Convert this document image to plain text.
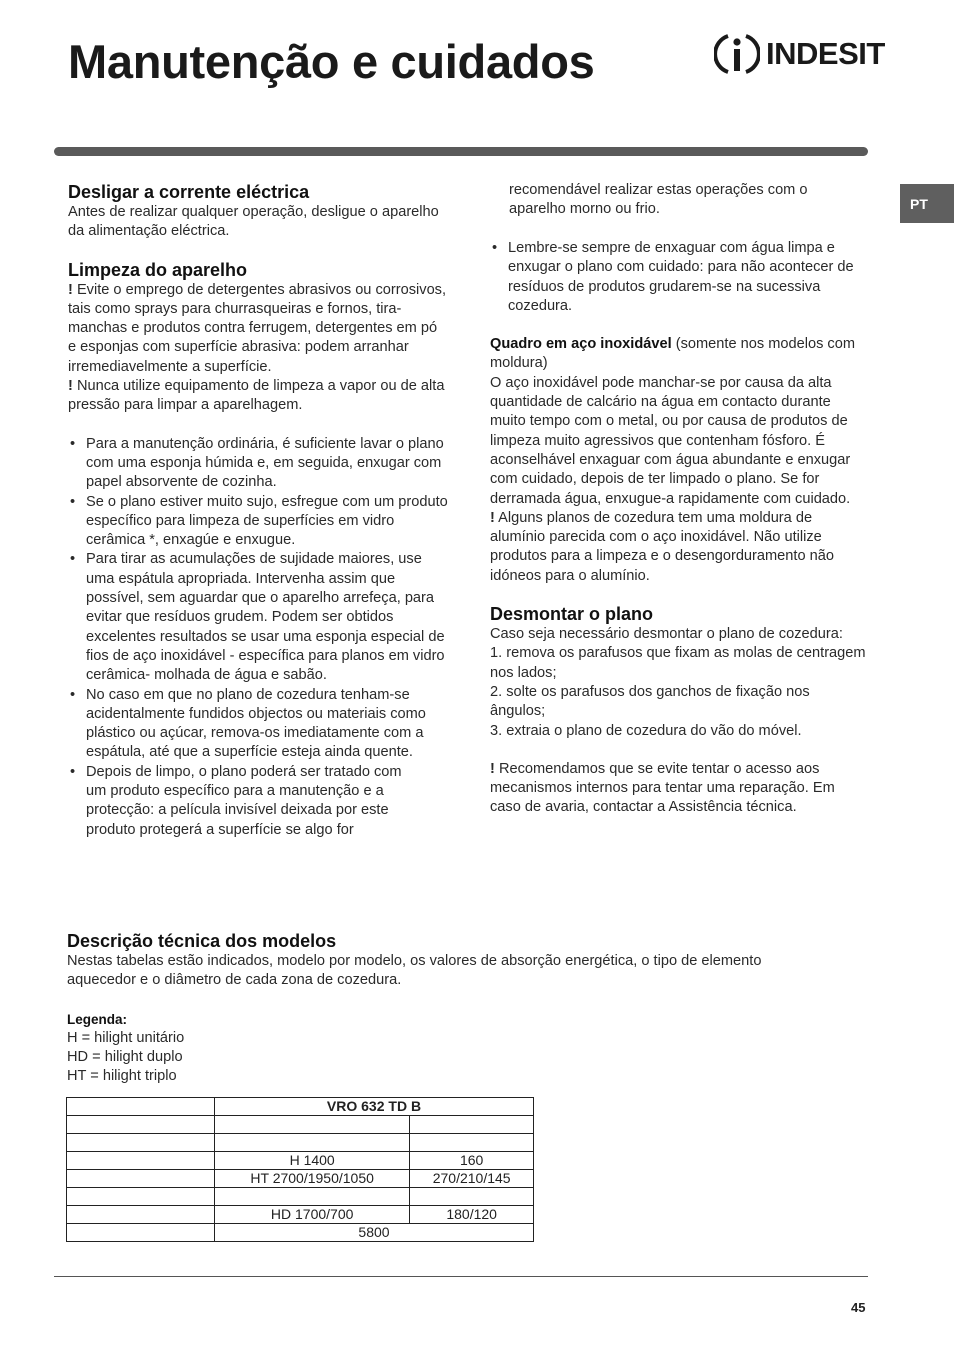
Manutenção e cuidados	INDESIT
PT

Desligar a corrente eléctrica

Antes de realizar qualquer operação, desligue o aparelho da alimentação eléctrica.

Limpeza do aparelho

! Evite o emprego de detergentes abrasivos ou corrosivos, tais como sprays para churrasqueiras e fornos, tira-manchas e produtos contra ferrugem, detergentes em pó e esponjas com superfície abrasiva: podem arranhar irremediavelmente a superfície.

! Nunca utilize equipamento de limpeza a vapor ou de alta pressão para limpar a aparelhagem.

• Para a manutenção ordinária, é suficiente lavar o plano com uma esponja húmida e, em seguida, enxugar com papel absorvente de cozinha.

• Se o plano estiver muito sujo, esfregue com um produto específico para limpeza de superfícies em vidro cerâmica *, enxagúe e enxugue.

• Para tirar as acumulações de sujidade maiores, use uma espátula apropriada. Intervenha assim que possível, sem aguardar que o aparelho arrefeça, para evitar que resíduos grudem. Podem ser obtidos excelentes resultados se usar uma esponja especial de fios de aço inoxidável - específica para planos em vidro cerâmica- molhada de água e sabão.

• No caso em que no plano de cozedura tenham-se acidentalmente fundidos objectos ou materiais como plástico ou açúcar, remova-os imediatamente com a espátula, até que a superfície esteja ainda quente.

• Depois de limpo, o plano poderá ser tratado com um produto específico para a manutenção e a protecção: a película invisível deixada por este produto protegerá a superfície se algo for

recomendável realizar estas operações com o aparelho morno ou frio.

• Lembre-se sempre de enxaguar com água limpa e enxugar o plano com cuidado: para não acontecer de resíduos de produtos grudarem-se na sucessiva cozedura.

Quadro em aço inoxidável (somente nos modelos com moldura)

O aço inoxidável pode manchar-se por causa da alta quantidade de calcário na água em contacto durante muito tempo com o metal, ou por causa de produtos de limpeza muito agressivos que contenham fósforo. É aconselhável enxaguar com água abundante e enxugar com cuidado, depois de ter limpado o plano. Se for derramada água, enxugue-a rapidamente com cuidado.

! Alguns planos de cozedura tem uma moldura de alumínio parecida com o aço inoxidável. Não utilize produtos para a limpeza e o desengorduramento não idóneos para o alumínio.

Desmontar o plano

Caso seja necessário desmontar o plano de cozedura:

1. remova os parafusos que fixam as molas de centragem nos lados;

2. solte os parafusos dos ganchos de fixação nos ângulos;

3. extraia o plano de cozedura do vão do móvel.

! Recomendamos que se evite tentar o acesso aos mecanismos internos para tentar uma reparação. Em caso de avaria, contactar a Assistência técnica.

Descrição técnica dos modelos

Nestas tabelas estão indicados, modelo por modelo, os valores de absorção energética, o tipo de elemento aquecedor e o diâmetro de cada zona de cozedura.

Legenda:

H = hilight unitário

HD = hilight duplo

HT = hilight triplo

	VRO 632 TD B	

	H 1400	160
	HT 2700/1950/1050	270/210/145

	HD 1700/700	180/120
	5800	
45
